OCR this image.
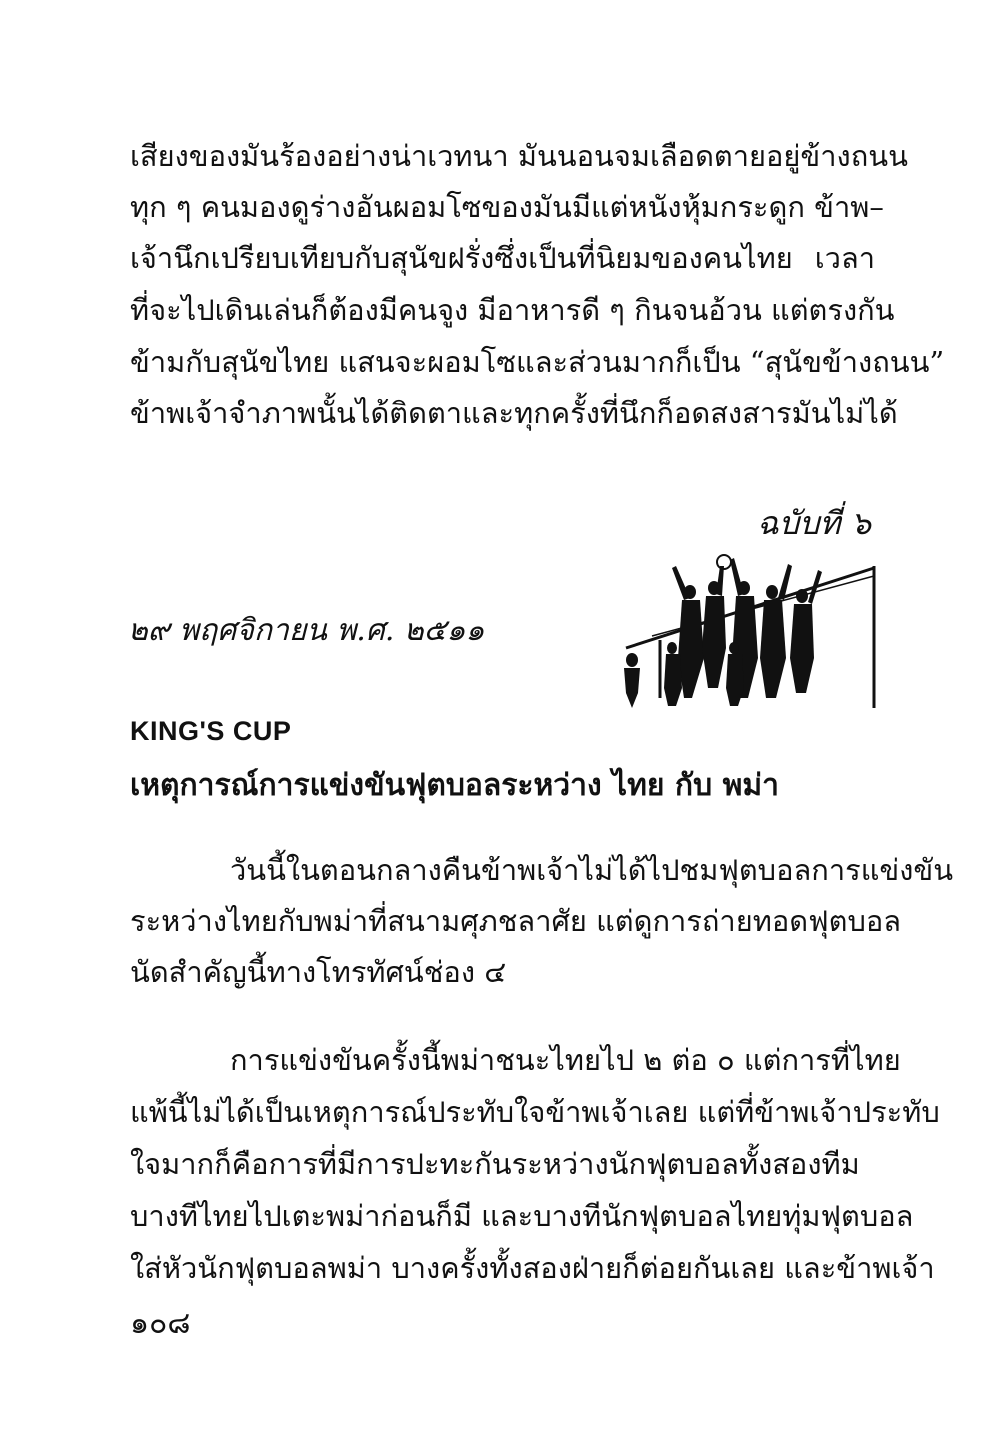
เสียงของมันร้องอย่างน่าเวทนา มันนอนจมเลือดตายอยู่ข้างถนน
ทุก ๆ คนมองดูร่างอันผอมโซของมันมีแต่หนังหุ้มกระดูก ข้าพ–
เจ้านึกเปรียบเทียบกับสุนัขฝรั่งซึ่งเป็นที่นิยมของคนไทย เวลา
ที่จะไปเดินเล่นก็ต้องมีคนจูง มีอาหารดี ๆ กินจนอ้วน แต่ตรงกัน
ข้ามกับสุนัขไทย แสนจะผอมโซและส่วนมากก็เป็น “สุนัขข้างถนน”
ข้าพเจ้าจำภาพนั้นได้ติดตาและทุกครั้งที่นึกก็อดสงสารมันไม่ได้
ฉบับที่ ๖
๒๙ พฤศจิกายน พ.ศ. ๒๕๑๑
KING'S CUP
เหตุการณ์การแข่งขันฟุตบอลระหว่าง ไทย กับ พม่า
วันนี้ในตอนกลางคืนข้าพเจ้าไม่ได้ไปชมฟุตบอลการแข่งขัน
ระหว่างไทยกับพม่าที่สนามศุภชลาศัย แต่ดูการถ่ายทอดฟุตบอล
นัดสำคัญนี้ทางโทรทัศน์ช่อง ๔
การแข่งขันครั้งนี้พม่าชนะไทยไป ๒ ต่อ ๐ แต่การที่ไทย
แพ้นี้ไม่ได้เป็นเหตุการณ์ประทับใจข้าพเจ้าเลย แต่ที่ข้าพเจ้าประทับ
ใจมากก็คือการที่มีการปะทะกันระหว่างนักฟุตบอลทั้งสองทีม
บางทีไทยไปเตะพม่าก่อนก็มี และบางทีนักฟุตบอลไทยทุ่มฟุตบอล
ใส่หัวนักฟุตบอลพม่า บางครั้งทั้งสองฝ่ายก็ต่อยกันเลย และข้าพเจ้า
๑๐๘
